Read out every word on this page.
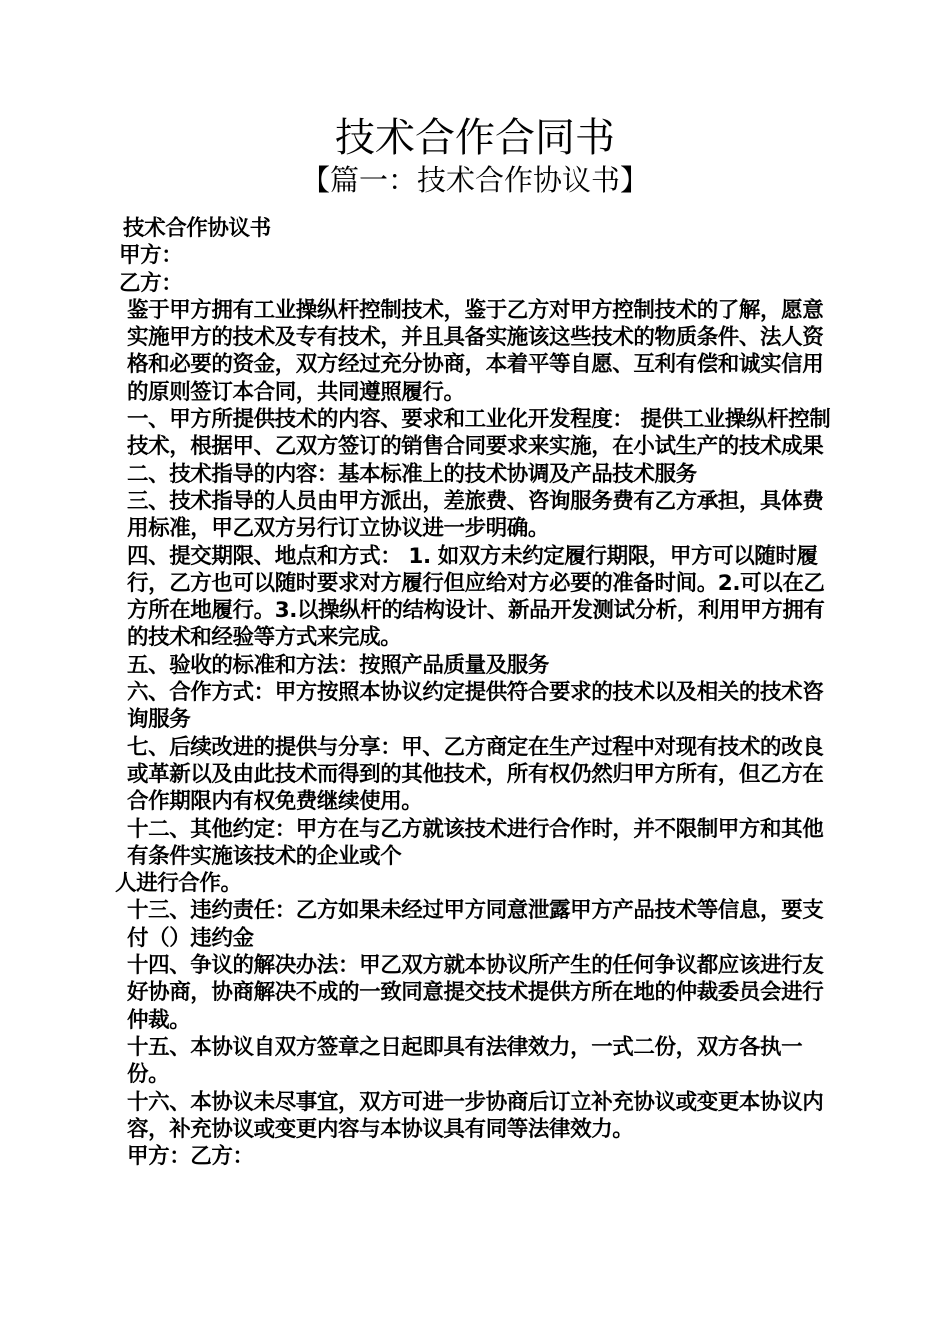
技术合作合同书
【篇一：技术合作协议书】

技术合作协议书

甲方：

乙方：

鉴于甲方拥有工业操纵杆控制技术，鉴于乙方对甲方控制技术的了解，愿意实施甲方的技术及专有技术，并且具备实施该这些技术的物质条件、法人资格和必要的资金，双方经过充分协商，本着平等自愿、互利有偿和诚实信用的原则签订本合同，共同遵照履行。

一、甲方所提供技术的内容、要求和工业化开发程度： 提供工业操纵杆控制技术，根据甲、乙双方签订的销售合同要求来实施，在小试生产的技术成果

二、技术指导的内容：基本标准上的技术协调及产品技术服务

三、技术指导的人员由甲方派出，差旅费、咨询服务费有乙方承担，具体费用标准，甲乙双方另行订立协议进一步明确。

四、提交期限、地点和方式： 1. 如双方未约定履行期限，甲方可以随时履行，乙方也可以随时要求对方履行但应给对方必要的准备时间。2.可以在乙方所在地履行。3.以操纵杆的结构设计、新品开发测试分析，利用甲方拥有的技术和经验等方式来完成。

五、验收的标准和方法：按照产品质量及服务

六、合作方式：甲方按照本协议约定提供符合要求的技术以及相关的技术咨询服务

七、后续改进的提供与分享：甲、乙方商定在生产过程中对现有技术的改良或革新以及由此技术而得到的其他技术，所有权仍然归甲方所有，但乙方在合作期限内有权免费继续使用。

十二、其他约定：甲方在与乙方就该技术进行合作时，并不限制甲方和其他有条件实施该技术的企业或个

人进行合作。

十三、违约责任：乙方如果未经过甲方同意泄露甲方产品技术等信息，要支付（）违约金

十四、争议的解决办法：甲乙双方就本协议所产生的任何争议都应该进行友好协商，协商解决不成的一致同意提交技术提供方所在地的仲裁委员会进行仲裁。

十五、本协议自双方签章之日起即具有法律效力，一式二份，双方各执一份。

十六、本协议未尽事宜，双方可进一步协商后订立补充协议或变更本协议内容，补充协议或变更内容与本协议具有同等法律效力。

甲方：乙方：
